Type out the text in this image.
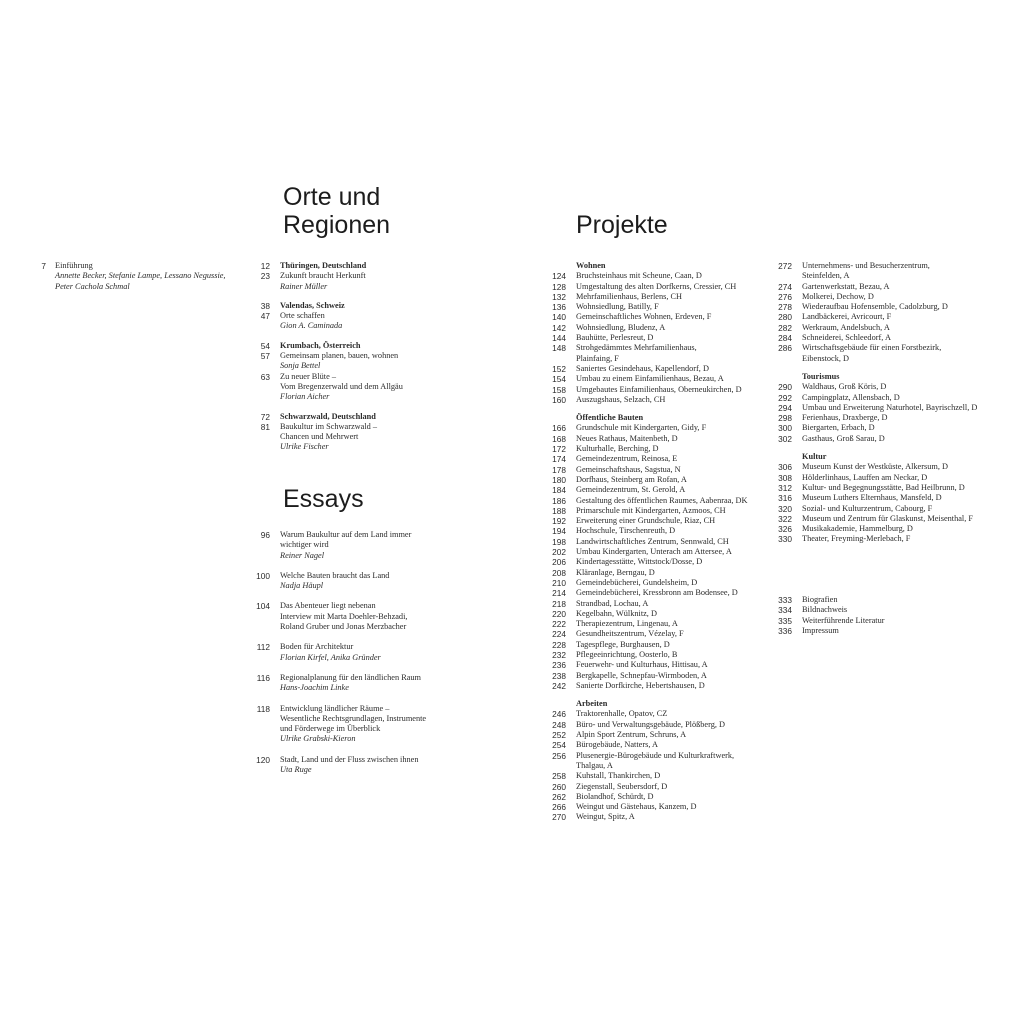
7 Einführung
Annette Becker, Stefanie Lampe, Lessano Negussie,
Peter Cachola Schmal
Orte und
Regionen
Essays
Projekte
12 Thüringen, Deutschland
23 Zukunft braucht Herkunft
Rainer Müller
38 Valendas, Schweiz
47 Orte schaffen
Gion A. Caminada
54 Krumbach, Österreich
57 Gemeinsam planen, bauen, wohnen
Sonja Bettel
63 Zu neuer Blüte –
Vom Bregenzerwald und dem Allgäu
Florian Aicher
72 Schwarzwald, Deutschland
81 Baukultur im Schwarzwald –
Chancen und Mehrwert
Ulrike Fischer
96 Warum Baukultur auf dem Land immer
wichtiger wird
Reiner Nagel
100 Welche Bauten braucht das Land
Nadja Häupl
104 Das Abenteuer liegt nebenan
Interview mit Marta Doehler-Behzadi,
Roland Gruber und Jonas Merzbacher
112 Boden für Architektur
Florian Kirfel, Anika Gründer
116 Regionalplanung für den ländlichen Raum
Hans-Joachim Linke
118 Entwicklung ländlicher Räume –
Wesentliche Rechtsgrundlagen, Instrumente
und Förderwege im Überblick
Ulrike Grabski-Kieron
120 Stadt, Land und der Fluss zwischen ihnen
Uta Ruge
Wohnen
124 Bruchsteinhaus mit Scheune, Caan, D
128 Umgestaltung des alten Dorfkerns, Cressier, CH
132 Mehrfamilienhaus, Berlens, CH
136 Wohnsiedlung, Batilly, F
140 Gemeinschaftliches Wohnen, Erdeven, F
142 Wohnsiedlung, Bludenz, A
144 Bauhütte, Perlesreut, D
148 Strohgedämmtes Mehrfamilienhaus,
Plainfaing, F
152 Saniertes Gesindehaus, Kapellendorf, D
154 Umbau zu einem Einfamilienhaus, Bezau, A
158 Umgebautes Einfamilienhaus, Oberneukirchen, D
160 Auszugshaus, Selzach, CH
Öffentliche Bauten
166 Grundschule mit Kindergarten, Gidy, F
168 Neues Rathaus, Maitenbeth, D
172 Kulturhalle, Berching, D
174 Gemeindezentrum, Reinosa, E
178 Gemeinschaftshaus, Sagstua, N
180 Dorfhaus, Steinberg am Rofan, A
184 Gemeindezentrum, St. Gerold, A
186 Gestaltung des öffentlichen Raumes, Aabenraa, DK
188 Primarschule mit Kindergarten, Azmoos, CH
192 Erweiterung einer Grundschule, Riaz, CH
194 Hochschule, Tirschenreuth, D
198 Landwirtschaftliches Zentrum, Sennwald, CH
202 Umbau Kindergarten, Unterach am Attersee, A
206 Kindertagesstätte, Wittstock/Dosse, D
208 Kläranlage, Berngau, D
210 Gemeindebücherei, Gundelsheim, D
214 Gemeindebücherei, Kressbronn am Bodensee, D
218 Strandbad, Lochau, A
220 Kegelbahn, Wülknitz, D
222 Therapiezentrum, Lingenau, A
224 Gesundheitszentrum, Vézelay, F
228 Tagespflege, Burghausen, D
232 Pflegeeinrichtung, Oosterlo, B
236 Feuerwehr- und Kulturhaus, Hittisau, A
238 Bergkapelle, Schnepfau-Wirmboden, A
242 Sanierte Dorfkirche, Hebertshausen, D
Arbeiten
246 Traktorenhalle, Opatov, CZ
248 Büro- und Verwaltungsgebäude, Plößberg, D
252 Alpin Sport Zentrum, Schruns, A
254 Bürogebäude, Natters, A
256 Plusenergie-Bürogebäude und Kulturkraftwerk,
Thalgau, A
258 Kuhstall, Thankirchen, D
260 Ziegenstall, Seubersdorf, D
262 Biolandhof, Schürdt, D
266 Weingut und Gästehaus, Kanzem, D
270 Weingut, Spitz, A
272 Unternehmens- und Besucherzentrum,
Steinfelden, A
274 Gartenwerkstatt, Bezau, A
276 Molkerei, Dechow, D
278 Wiederaufbau Hofensemble, Cadolzburg, D
280 Landbäckerei, Avricourt, F
282 Werkraum, Andelsbuch, A
284 Schneiderei, Schleedorf, A
286 Wirtschaftsgebäude für einen Forstbezirk,
Eibenstock, D
Tourismus
290 Waldhaus, Groß Köris, D
292 Campingplatz, Allensbach, D
294 Umbau und Erweiterung Naturhotel, Bayrischzell, D
298 Ferienhaus, Draxberge, D
300 Biergarten, Erbach, D
302 Gasthaus, Groß Sarau, D
Kultur
306 Museum Kunst der Westküste, Alkersum, D
308 Hölderlinhaus, Lauffen am Neckar, D
312 Kultur- und Begegnungsstätte, Bad Heilbrunn, D
316 Museum Luthers Elternhaus, Mansfeld, D
320 Sozial- und Kulturzentrum, Cabourg, F
322 Museum und Zentrum für Glaskunst, Meisenthal, F
326 Musikakademie, Hammelburg, D
330 Theater, Freyming-Merlebach, F
333 Biografien
334 Bildnachweis
335 Weiterführende Literatur
336 Impressum
